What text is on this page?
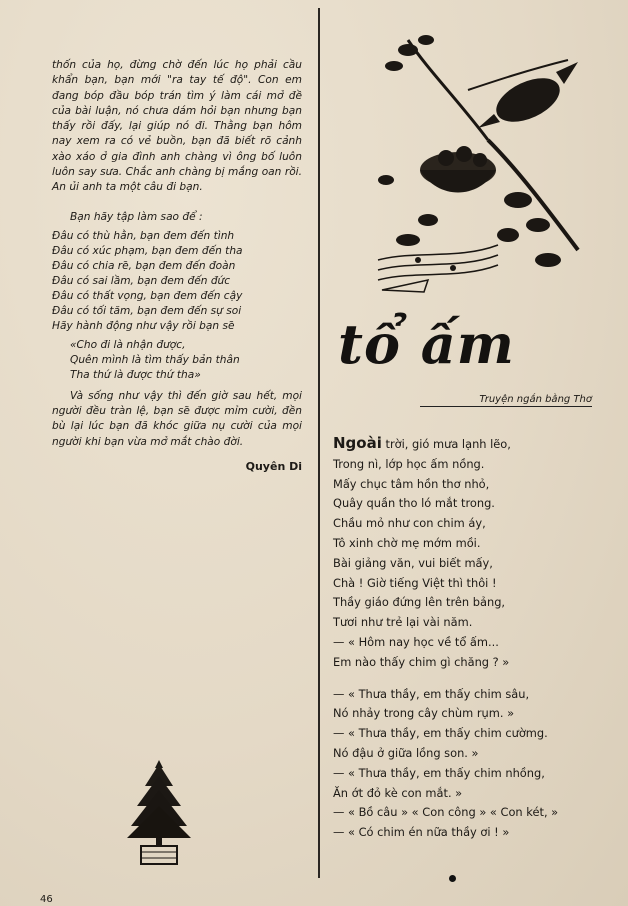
thốn của họ, đừng chờ đến lúc họ phải cầu khẩn bạn, bạn mới "ra tay tế độ". Con em đang bóp đầu bóp trán tìm ý làm cái mở đề của bài luận, nó chưa dám hỏi bạn nhưng bạn thấy rồi đấy, lại giúp nó đi. Thằng bạn hôm nay xem ra có vẻ buồn, bạn đã biết rõ cảnh xào xáo ở gia đình anh chàng vì ông bố luôn luôn say sưa. Chắc anh chàng bị mắng oan rồi. An ủi anh ta một câu đi bạn.

Bạn hãy tập làm sao để :

Đâu có thù hằn, bạn đem đến tình

Đâu có xúc phạm, bạn đem đến tha

Đâu có chia rẽ, bạn đem đến đoàn

Đâu có sai lầm, bạn đem đến đức

Đâu có thất vọng, bạn đem đến cậy

Đâu có tối tăm, bạn đem đến sự soi

Hãy hành động như vậy rồi bạn sẽ

«Cho đi là nhận được,

Quên mình là tìm thấy bản thân

Tha thứ là được thứ tha»

Và sống như vậy thì đến giờ sau hết, mọi người đều tràn lệ, bạn sẽ được mỉm cười, đền bù lại lúc bạn đã khóc giữa nụ cười của mọi người khi bạn vừa mở mắt chào đời.

Quyên Di

tổ ấm
Truyện ngắn bằng Thơ

Ngoài trời, gió mưa lạnh lẽo,

Trong nì, lớp học ấm nồng.

Mấy chục tâm hồn thơ nhỏ,

Quây quần tho ló mắt trong.

Chầu mỏ như con chim áy,

Tô xinh chờ mẹ mớm mồi.

Bài giảng văn, vui biết mấy,

Chà ! Giờ tiếng Việt thì thôi !

Thầy giáo đứng lên trên bảng,

Tươi như trẻ lại vài năm.

— « Hôm nay học về tổ ấm...

Em nào thấy chim gì chăng ? »

— « Thưa thầy, em thấy chim sâu,

Nó nhảy trong cây chùm rụm. »

— « Thưa thầy, em thấy chim cườmg.

Nó đậu ở giữa lồng son. »

— « Thưa thầy, em thấy chim nhồng,

Ăn ớt đỏ kè con mắt. »

— « Bồ câu » « Con công » « Con két, »

— « Có chim én nữa thầy ơi ! »

46
